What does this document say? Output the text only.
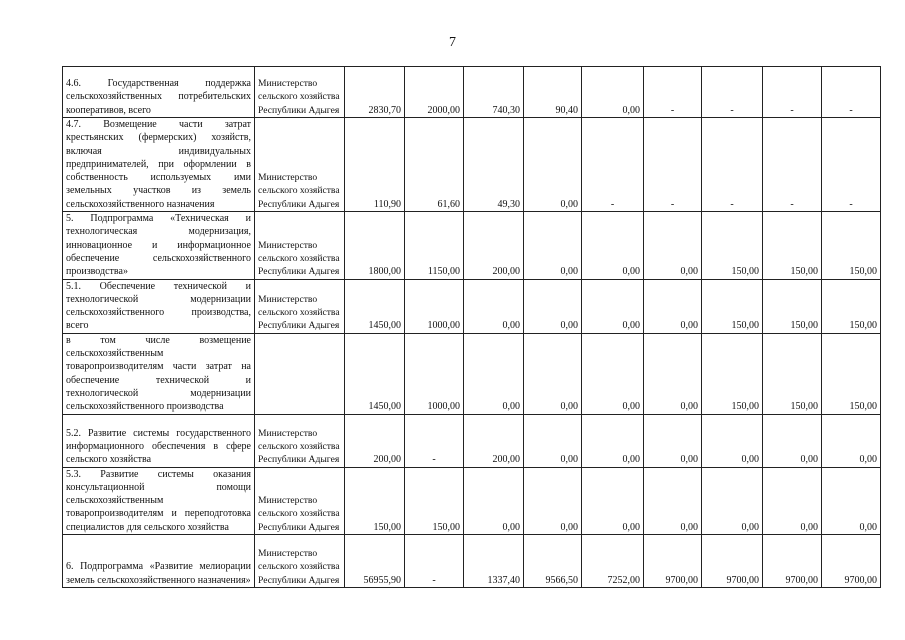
7
4.6. Государственная поддержка сельскохозяйственных потребительских кооперативов, всего	Министерство сельского хозяйства Республики Адыгея	2830,70	2000,00	740,30	90,40	0,00	-	-	-	-
4.7. Возмещение части затрат крестьянских (фермерских) хозяйств, включая индивидуальных предпринимателей, при оформлении в собственность используемых ими земельных участков из земель сельскохозяйственного назначения	Министерство сельского хозяйства Республики Адыгея	110,90	61,60	49,30	0,00	-	-	-	-	-
5. Подпрограмма «Техническая и технологическая модернизация, инновационное и информационное обеспечение сельскохозяйственного производства»	Министерство сельского хозяйства Республики Адыгея	1800,00	1150,00	200,00	0,00	0,00	0,00	150,00	150,00	150,00
5.1. Обеспечение технической и технологической модернизации сельскохозяйственного производства, всего	Министерство сельского хозяйства Республики Адыгея	1450,00	1000,00	0,00	0,00	0,00	0,00	150,00	150,00	150,00
в том числе возмещение сельскохозяйственным товаропроизводителям части затрат на обеспечение технической и технологической модернизации сельскохозяйственного производства		1450,00	1000,00	0,00	0,00	0,00	0,00	150,00	150,00	150,00
5.2. Развитие системы государственного информационного обеспечения в сфере сельского хозяйства	Министерство сельского хозяйства Республики Адыгея	200,00	-	200,00	0,00	0,00	0,00	0,00	0,00	0,00
5.3. Развитие системы оказания консультационной помощи сельскохозяйственным товаропроизводителям и переподготовка специалистов для сельского хозяйства	Министерство сельского хозяйства Республики Адыгея	150,00	150,00	0,00	0,00	0,00	0,00	0,00	0,00	0,00
6. Подпрограмма «Развитие мелиорации земель сельскохозяйственного назначения»	Министерство сельского хозяйства Республики Адыгея	56955,90	-	1337,40	9566,50	7252,00	9700,00	9700,00	9700,00	9700,00
